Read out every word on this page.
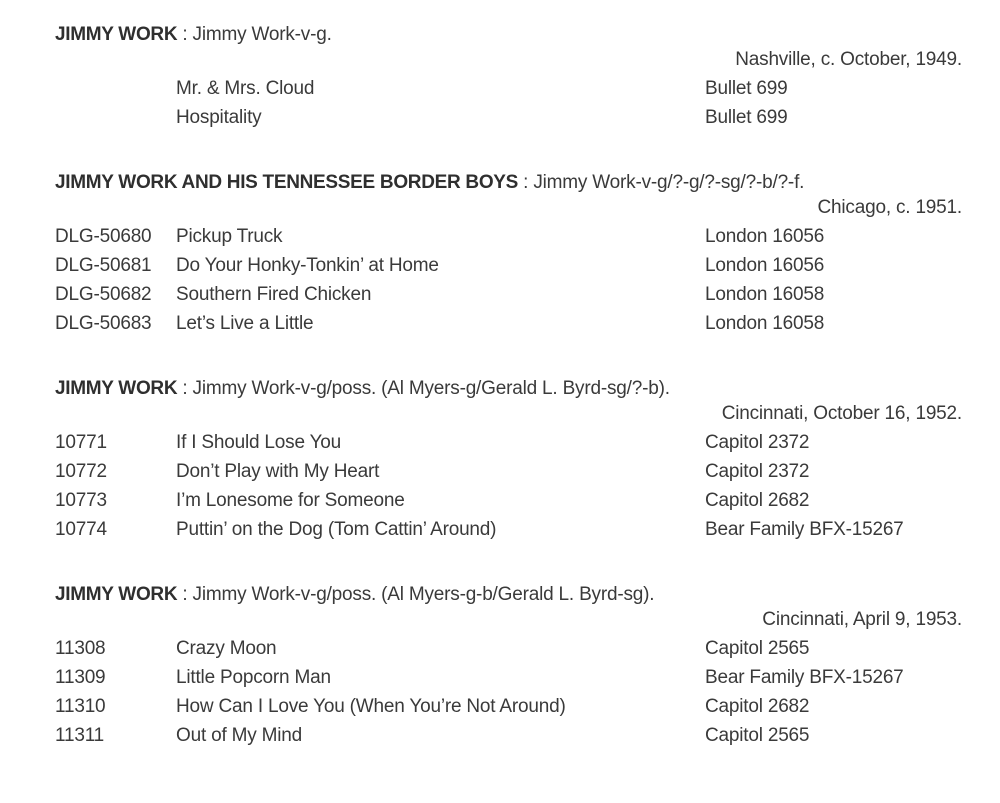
JIMMY WORK : Jimmy Work-v-g.

Nashville, c. October, 1949.

Mr. & Mrs. Cloud	Bullet 699
Hospitality	Bullet 699

JIMMY WORK AND HIS TENNESSEE BORDER BOYS : Jimmy Work-v-g/?-g/?-sg/?-b/?-f.

Chicago, c. 1951.

DLG-50680	Pickup Truck	London 16056
DLG-50681	Do Your Honky-Tonkin’ at Home	London 16056
DLG-50682	Southern Fired Chicken	London 16058
DLG-50683	Let’s Live a Little	London 16058

JIMMY WORK : Jimmy Work-v-g/poss. (Al Myers-g/Gerald L. Byrd-sg/?-b).

Cincinnati, October 16, 1952.

10771	If I Should Lose You	Capitol 2372
10772	Don’t Play with My Heart	Capitol 2372
10773	I’m Lonesome for Someone	Capitol 2682
10774	Puttin’ on the Dog (Tom Cattin’ Around)	Bear Family BFX-15267

JIMMY WORK : Jimmy Work-v-g/poss. (Al Myers-g-b/Gerald L. Byrd-sg).

Cincinnati, April 9, 1953.

11308	Crazy Moon	Capitol 2565
11309	Little Popcorn Man	Bear Family BFX-15267
11310	How Can I Love You (When You’re Not Around)	Capitol 2682
11311	Out of My Mind	Capitol 2565
